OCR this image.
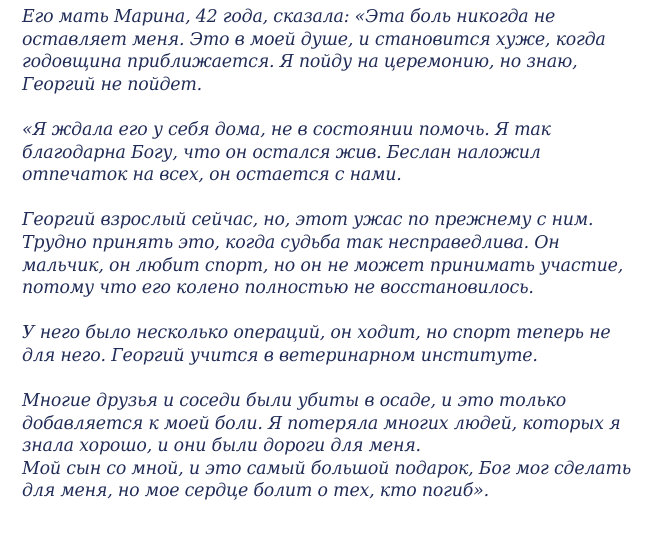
Его мать Марина, 42 года, сказала: «Эта боль никогда не
оставляет меня. Это в моей душе, и становится хуже, когда
годовщина приближается. Я пойду на церемонию, но знаю,
Георгий не пойдет.

«Я ждала его у себя дома, не в состоянии помочь. Я так
благодарна Богу, что он остался жив. Беслан наложил
отпечаток на всех, он остается с нами.

Георгий взрослый сейчас, но, этот ужас по прежнему с ним.
Трудно принять это, когда судьба так несправедлива. Он
мальчик, он любит спорт, но он не может принимать участие,
потому что его колено полностью не восстановилось.

У него было несколько операций, он ходит, но спорт теперь не
для него. Георгий учится в ветеринарном институте.

Многие друзья и соседи были убиты в осаде, и это только
добавляется к моей боли. Я потеряла многих людей, которых я
знала хорошо, и они были дороги для меня.

Мой сын со мной, и это самый большой подарок, Бог мог сделать
для меня, но мое сердце болит о тех, кто погиб».
